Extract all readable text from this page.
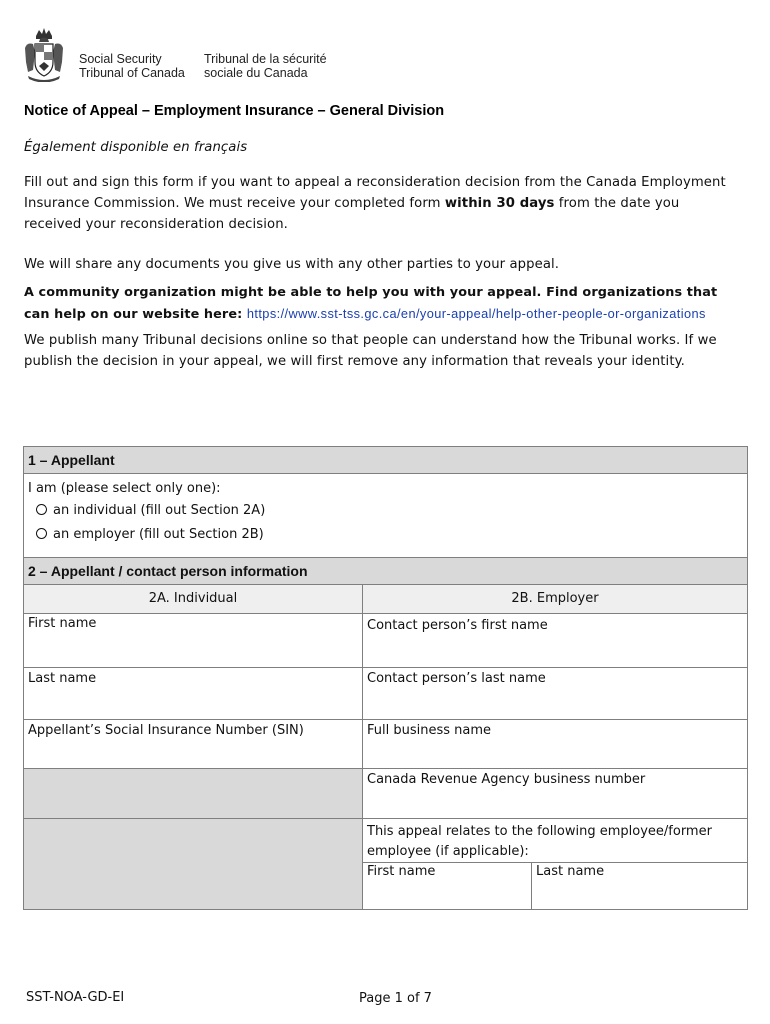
Social Security
Tribunal of Canada
Tribunal de la sécurité
sociale du Canada
Notice of Appeal – Employment Insurance – General Division
Également disponible en français
Fill out and sign this form if you want to appeal a reconsideration decision from the Canada Employment Insurance Commission. We must receive your completed form within 30 days from the date you received your reconsideration decision.
We will share any documents you give us with any other parties to your appeal.
A community organization might be able to help you with your appeal. Find organizations that can help on our website here: https://www.sst-tss.gc.ca/en/your-appeal/help-other-people-or-organizations
We publish many Tribunal decisions online so that people can understand how the Tribunal works. If we publish the decision in your appeal, we will first remove any information that reveals your identity.
1 – Appellant

I am (please select only one):
an individual (fill out Section 2A)
an employer (fill out Section 2B)
2 – Appellant / contact person information		
2A. Individual	2B. Employer	

First name	Contact person’s first name	

Last name	Contact person’s last name	

Appellant’s Social Insurance Number (SIN)	Full business name	

	Canada Revenue Agency business number	

	This appeal relates to the following employee/former employee (if applicable):	

	First name	Last name
SST-NOA-GD-EI	Page 1 of 7
